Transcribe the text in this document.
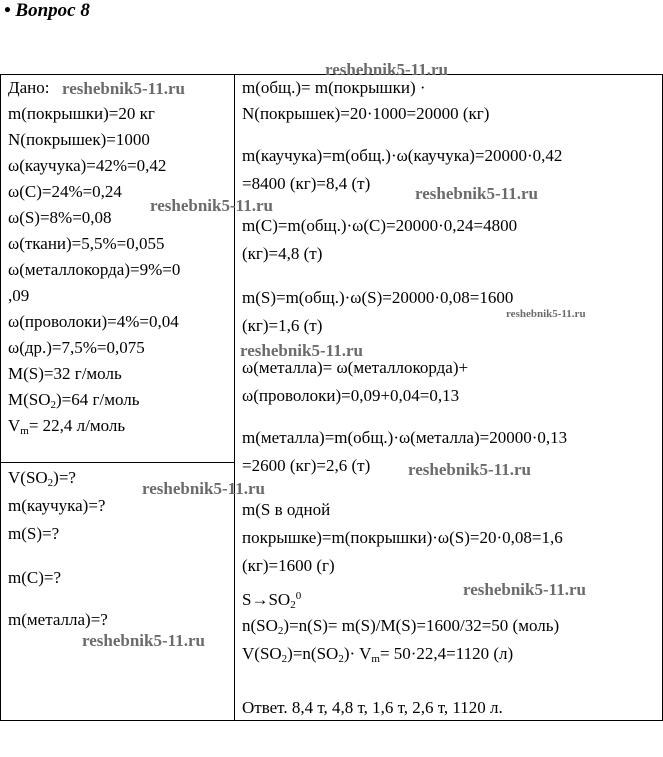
• Вопрос 8
Дано:
m(покрышки)=20 кг
N(покрышек)=1000
ω(каучука)=42%=0,42
ω(C)=24%=0,24
ω(S)=8%=0,08
ω(ткани)=5,5%=0,055
ω(металлокорда)=9%=0
,09
ω(проволоки)=4%=0,04
ω(др.)=7,5%=0,075
M(S)=32 г/моль
$M(SO_2)=64$ г/моль
$V_m= 22,4$ л/моль
$V(SO_2)=$?
m(каучука)=?
m(S)=?
m(C)=?
m(металла)=?
m(общ.)= m(покрышки) ·
N(покрышек)=20·1000=20000 (кг)
m(каучука)=m(общ.)·ω(каучука)=20000·0,42
=8400 (кг)=8,4 (т)
m(C)=m(общ.)·ω(C)=20000·0,24=4800
(кг)=4,8 (т)
m(S)=m(общ.)·ω(S)=20000·0,08=1600
(кг)=1,6 (т)
ω(металла)= ω(металлокорда)+
ω(проволоки)=0,09+0,04=0,13
m(металла)=m(общ.)·ω(металла)=20000·0,13
=2600 (кг)=2,6 (т)
m(S в одной
покрышке)=m(покрышки)·ω(S)=20·0,08=1,6
(кг)=1600 (г)
$S\to SO_2^0$
$n(SO_2)=n(S)= m(S)/M(S)=1600/32=50$ (моль)
$V(SO_2)=n(SO_2)\cdot V_m= 50\cdot 22,4=1120$ (л)
Ответ. 8,4 т, 4,8 т, 1,6 т, 2,6 т, 1120 л.
reshebnik5-11.ru
reshebnik5-11.ru
reshebnik5-11.ru
reshebnik5-11.ru
reshebnik5-11.ru
reshebnik5-11.ru
reshebnik5-11.ru
reshebnik5-11.ru
reshebnik5-11.ru
reshebnik5-11.ru
